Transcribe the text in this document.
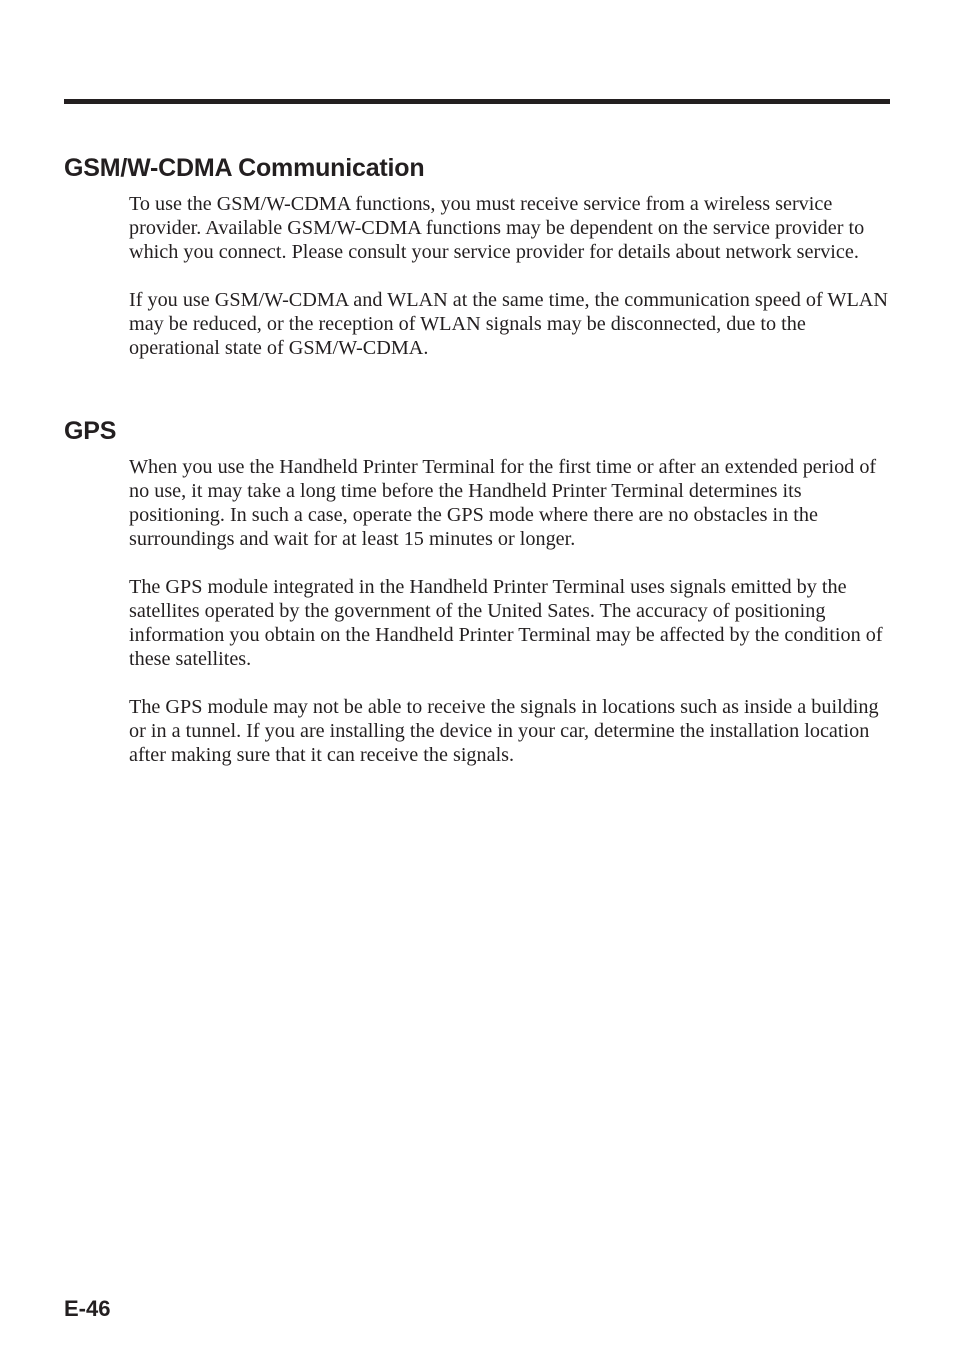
GSM/W-CDMA Communication

To use the GSM/W-CDMA functions, you must receive service from a wireless service provider. Available GSM/W-CDMA functions may be dependent on the service provider to which you connect. Please consult your service provider for details about network service.

If you use GSM/W-CDMA and WLAN at the same time, the communication speed of WLAN may be reduced, or the reception of WLAN signals may be disconnected, due to the operational state of GSM/W-CDMA.

GPS

When you use the Handheld Printer Terminal for the first time or after an extended period of no use, it may take a long time before the Handheld Printer Terminal determines its positioning. In such a case, operate the GPS mode where there are no obstacles in the surroundings and wait for at least 15 minutes or longer.

The GPS module integrated in the Handheld Printer Terminal uses signals emitted by the satellites operated by the government of the United Sates. The accuracy of positioning information you obtain on the Handheld Printer Terminal may be affected by the condition of these satellites.

The GPS module may not be able to receive the signals in locations such as inside a building or in a tunnel. If you are installing the device in your car, determine the installation location after making sure that it can receive the signals.

E-46
